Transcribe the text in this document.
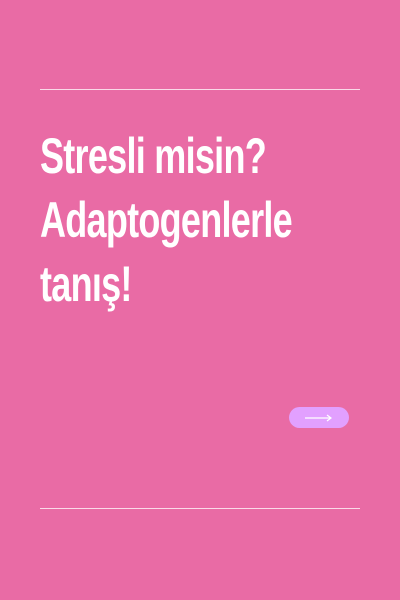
Stresli misin?
Adaptogenlerle
tanış!
